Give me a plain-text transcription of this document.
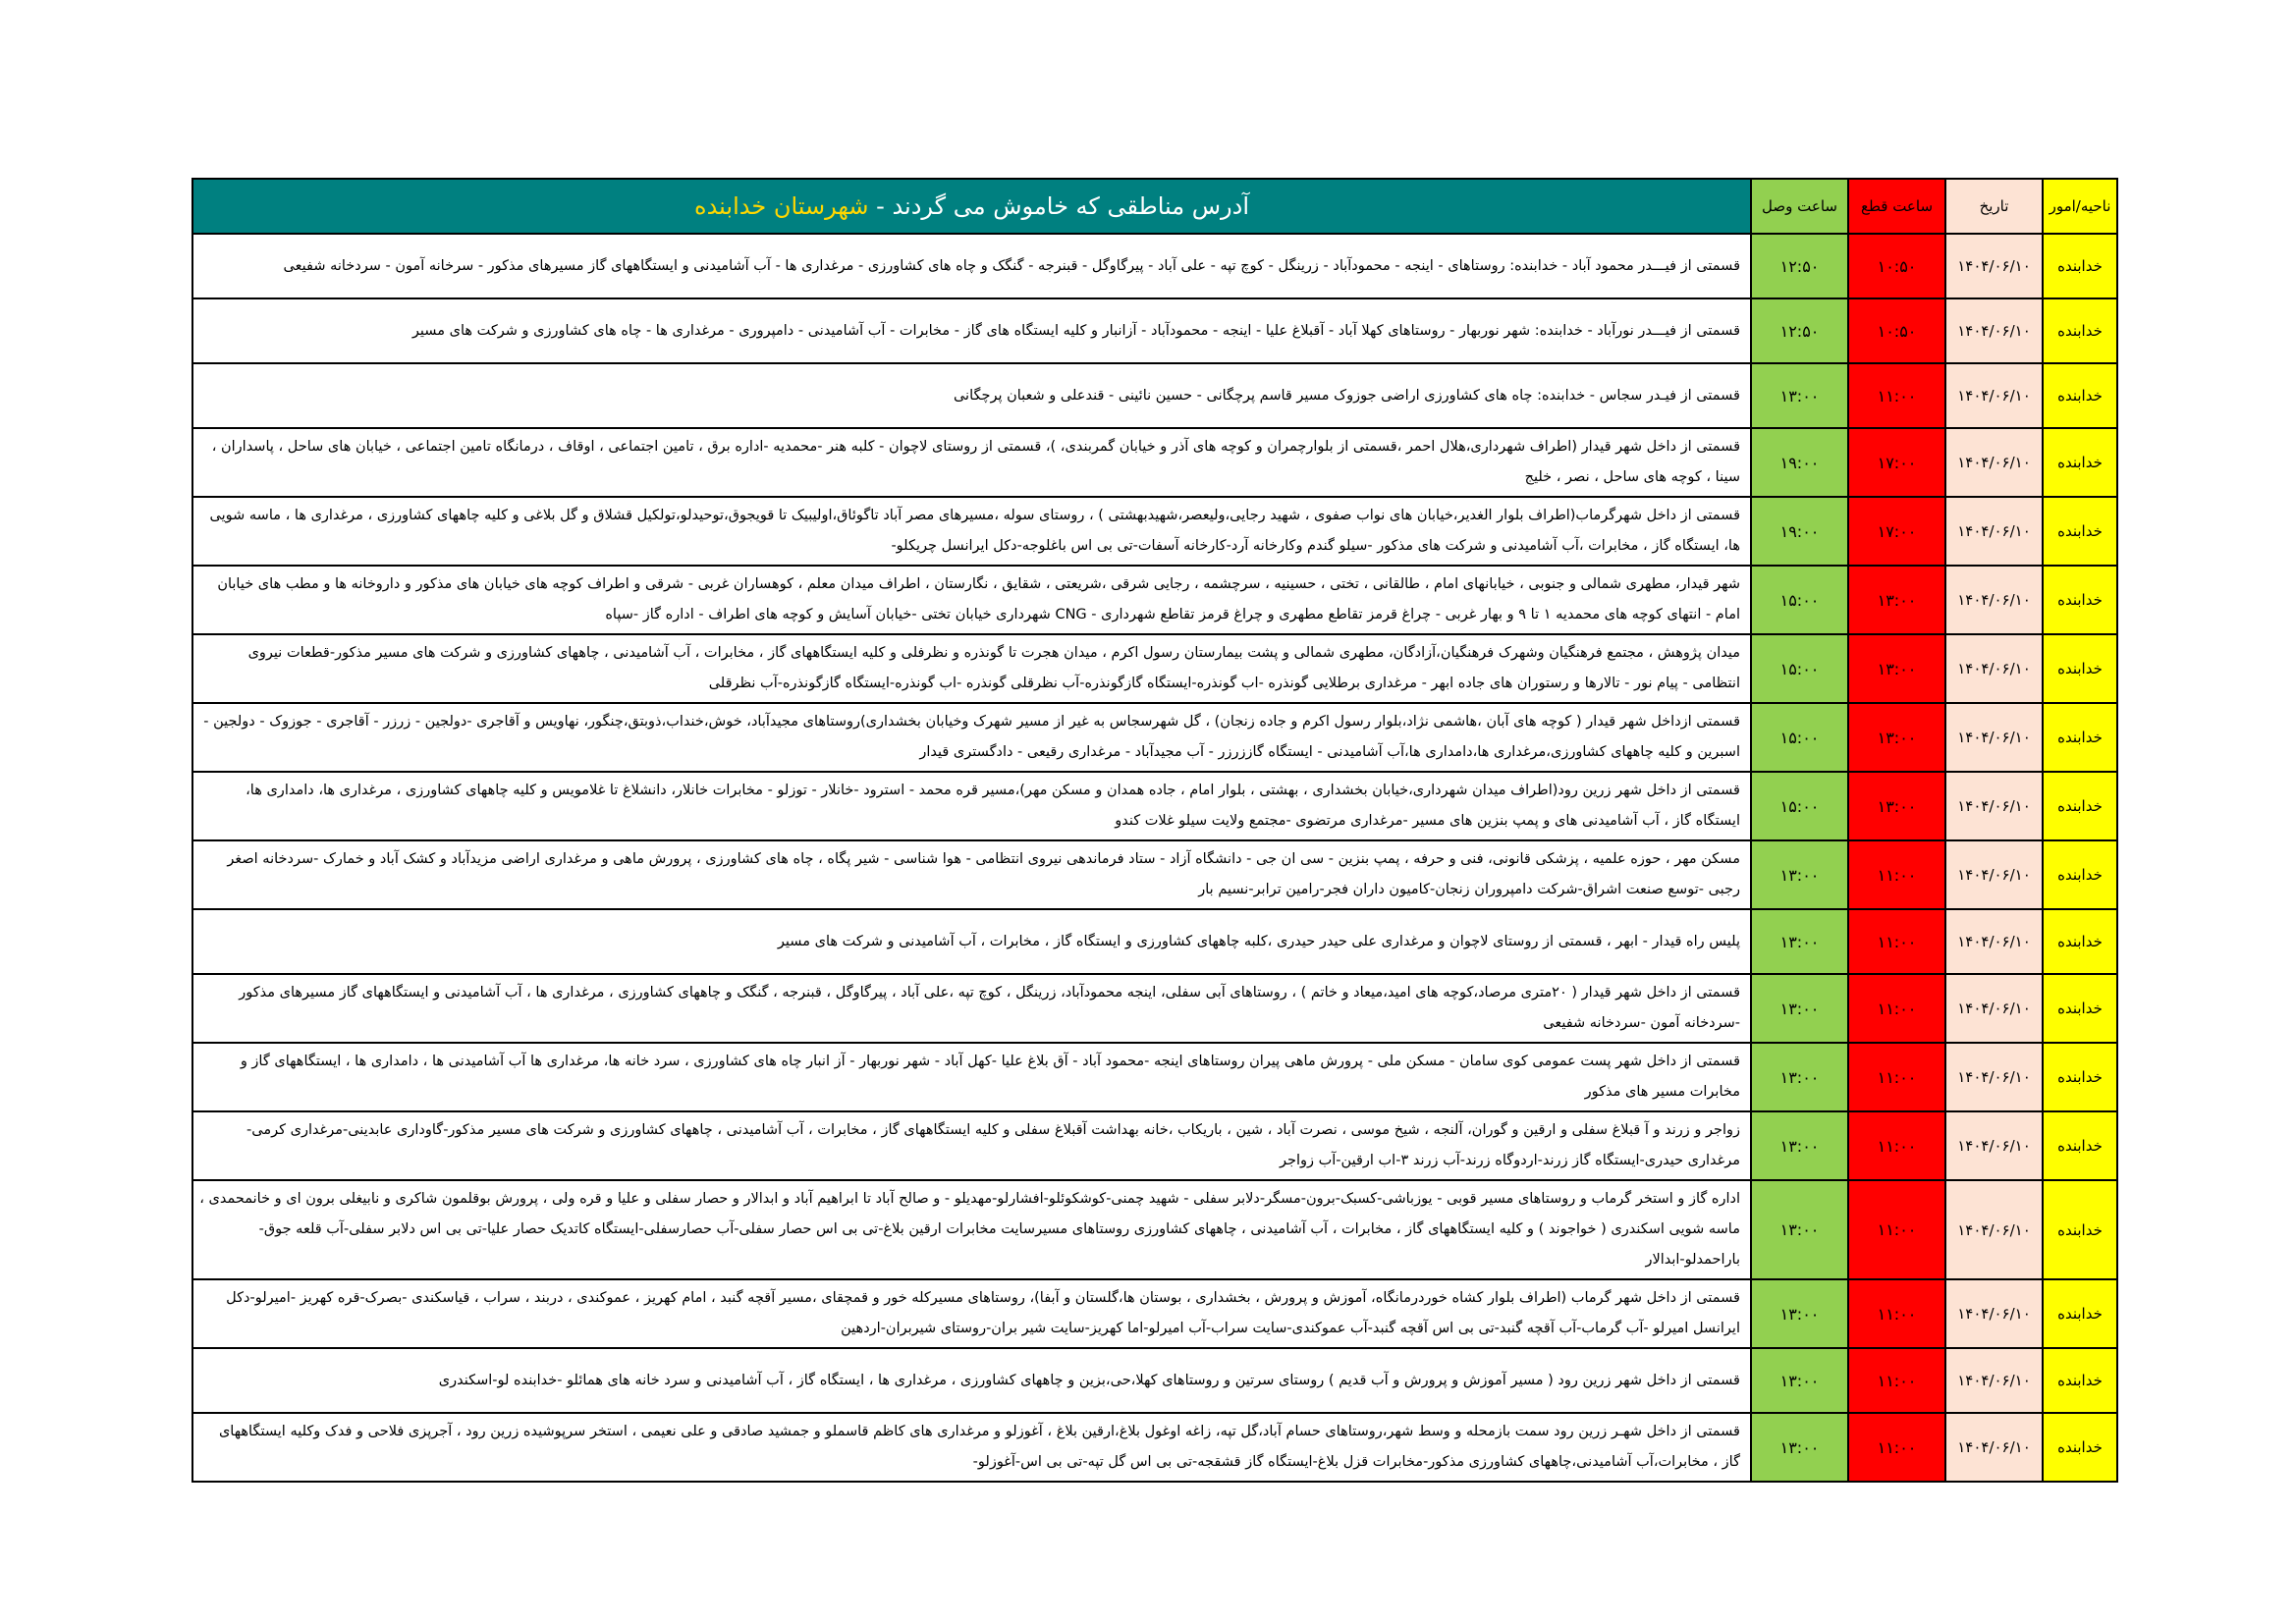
ناحیه/امور	تاریخ	ساعت قطع	ساعت وصل	آدرس مناطقی که خاموش می گردند - شهرستان خدابنده
خدابنده	۱۴۰۴/۰۶/۱۰	۱۰:۵۰	۱۲:۵۰	قسمتی از فیـــدر محمود آباد - خدابنده: روستاهای - اینجه - محمودآباد - زرینگل - کوچ تپه - علی آباد - پیرگاوگل - قبنرجه - گنگک و چاه های کشاورزی - مرغداری ها - آب آشامیدنی و ایستگاههای گاز مسیرهای مذکور - سرخانه آمون - سردخانه شفیعی
خدابنده	۱۴۰۴/۰۶/۱۰	۱۰:۵۰	۱۲:۵۰	قسمتی از فیـــدر نورآباد - خدابنده: شهر نوربهار - روستاهای کهلا آباد - آقبلاغ علیا - اینجه - محمودآباد - آزانبار و کلیه ایستگاه های گاز - مخابرات - آب آشامیدنی - دامپروری - مرغداری ها - چاه های کشاورزی و شرکت های مسیر
خدابنده	۱۴۰۴/۰۶/۱۰	۱۱:۰۰	۱۳:۰۰	قسمتی از فیـدر سجاس - خدابنده: چاه های کشاورزی اراضی جوزوک مسیر قاسم پرچگانی - حسین نائینی - قندعلی و شعبان پرچگانی
خدابنده	۱۴۰۴/۰۶/۱۰	۱۷:۰۰	۱۹:۰۰	قسمتی از داخل شهر قیدار (اطراف شهرداری،هلال احمر ،قسمتی از بلوارچمران و کوچه های آذر و خیابان گمربندی، )، قسمتی از روستای لاچوان - کلبه هنر -محمدیه -اداره برق ، تامین اجتماعی ، اوقاف ، درمانگاه تامین اجتماعی ، خیابان های ساحل ، پاسداران ، سینا ، کوچه های ساحل ، نصر ، خلیج
خدابنده	۱۴۰۴/۰۶/۱۰	۱۷:۰۰	۱۹:۰۰	قسمتی از داخل شهرگرماب(اطراف بلوار الغدیر،خیابان های نواب صفوی ، شهید رجایی،ولیعصر،شهیدبهشتی ) ، روستای سوله ،مسیرهای مصر آباد تاگوئاق،اولیبیک تا قویجوق،توحیدلو،تولکیل قشلاق و گل بلاغی و کلیه چاههای کشاورزی ، مرغداری ها ، ماسه شویی ها، ایستگاه گاز ، مخابرات ،آب آشامیدنی و شرکت های مذکور -سیلو گندم وکارخانه آرد-کارخانه آسفات-تی بی اس باغلوجه-دکل ایرانسل چریکلو-
خدابنده	۱۴۰۴/۰۶/۱۰	۱۳:۰۰	۱۵:۰۰	شهر قیدار، مطهری شمالی و جنوبی ، خیابانهای امام ، طالقانی ، تختی ، حسینیه ، سرچشمه ، رجایی شرقی ،شریعتی ، شقایق ، نگارستان ، اطراف میدان معلم ، کوهساران غربی - شرقی و اطراف کوچه های خیابان های مذکور و داروخانه ها و مطب های خیابان امام - انتهای کوچه های محمدیه ۱ تا ۹ و بهار غربی - چراغ قرمز تقاطع مطهری و چراغ قرمز تقاطع شهرداری - CNG شهرداری خیابان تختی -خیابان آسایش و کوچه های اطراف - اداره گاز -سپاه
خدابنده	۱۴۰۴/۰۶/۱۰	۱۳:۰۰	۱۵:۰۰	میدان پژوهش ، مجتمع فرهنگیان وشهرک فرهنگیان،آزادگان، مطهری شمالی و پشت بیمارستان رسول اکرم ، میدان هجرت تا گونذره و نظرفلی و کلیه ایستگاههای گاز ، مخابرات ، آب آشامیدنی ، چاههای کشاورزی و شرکت های مسیر مذکور-قطعات نیروی انتظامی - پیام نور - تالارها و رستوران های جاده ابهر - مرغداری برطلایی گونذره -اب گونذره-ایستگاه گازگونذره-آب نظرقلی گونذره -اب گونذره-ایستگاه گازگونذره-آب نظرقلی
خدابنده	۱۴۰۴/۰۶/۱۰	۱۳:۰۰	۱۵:۰۰	قسمتی ازداخل شهر قیدار ( کوچه های آبان ،هاشمی نژاد،بلوار رسول اکرم و جاده زنجان) ، گل شهرسجاس به غیر از مسیر شهرک وخیابان بخشداری)روستاهای مجیدآباد، خوش،خنداب،ذوبتق،چنگور، نهاویس و آقاجری -دولجین - زرزر - آقاجری - جوزوک - دولجین - اسبرین و کلیه چاههای کشاورزی،مرغداری ها،دامداری ها،آب آشامیدنی - ایستگاه گاززرزر - آب مجیدآباد - مرغداری رقیعی - دادگستری قیدار
خدابنده	۱۴۰۴/۰۶/۱۰	۱۳:۰۰	۱۵:۰۰	قسمتی از داخل شهر زرین رود(اطراف میدان شهرداری،خیابان بخشداری ، بهشتی ، بلوار امام ، جاده همدان و مسکن مهر)،مسیر قره محمد - استرود -خانلار - توزلو - مخابرات خانلار، دانشلاغ تا غلامویس و کلیه چاههای کشاورزی ، مرغداری ها، دامداری ها، ایستگاه گاز ، آب آشامیدنی های و پمپ بنزین های مسیر -مرغداری مرتضوی -مجتمع ولایت سیلو غلات کندو
خدابنده	۱۴۰۴/۰۶/۱۰	۱۱:۰۰	۱۳:۰۰	مسکن مهر ، حوزه علمیه ، پزشکی قانونی، فنی و حرفه ، پمپ بنزین - سی ان جی - دانشگاه آزاد - ستاد فرماندهی نیروی انتظامی - هوا شناسی - شیر پگاه ، چاه های کشاورزی ، پرورش ماهی و مرغداری اراضی مزیدآباد و کشک آباد و خمارک -سردخانه اصغر رجبی -توسع صنعت اشراق-شرکت دامپروران زنجان-کامیون داران فجر-رامین ترابر-نسیم بار
خدابنده	۱۴۰۴/۰۶/۱۰	۱۱:۰۰	۱۳:۰۰	پلیس راه قیدار - ابهر ، قسمتی از روستای لاچوان و مرغداری علی حیدر حیدری ،کلبه چاههای کشاورزی و ایستگاه گاز ، مخابرات ، آب آشامیدنی و شرکت های مسیر
خدابنده	۱۴۰۴/۰۶/۱۰	۱۱:۰۰	۱۳:۰۰	قسمتی از داخل شهر قیدار ( ۲۰متری مرصاد،کوچه های امید،میعاد و خاتم ) ، روستاهای آبی سفلی، اینجه محمودآباد، زرینگل ، کوچ تپه ،علی آباد ، پیرگاوگل ، قبنرجه ، گنگک و چاههای کشاورزی ، مرغداری ها ، آب آشامیدنی و ایستگاههای گاز مسیرهای مذکور -سردخانه آمون -سردخانه شفیعی
خدابنده	۱۴۰۴/۰۶/۱۰	۱۱:۰۰	۱۳:۰۰	قسمتی از داخل شهر پست عمومی کوی سامان - مسکن ملی - پرورش ماهی پیران روستاهای اینجه -محمود آباد - آق بلاغ علیا -کهل آباد - شهر نوربهار - آز انبار چاه های کشاورزی ، سرد خانه ها، مرغداری ها آب آشامیدنی ها ، دامداری ها ، ایستگاههای گاز و مخابرات مسیر های مذکور
خدابنده	۱۴۰۴/۰۶/۱۰	۱۱:۰۰	۱۳:۰۰	زواجر و زرند و آ قبلاغ سفلی و ارقین و گوران، آلنجه ، شیخ موسی ، نصرت آباد ، شین ، باریکاب ،خانه بهداشت آقبلاغ سفلی و کلیه ایستگاههای گاز ، مخابرات ، آب آشامیدنی ، چاههای کشاورزی و شرکت های مسیر مذکور-گاوداری عابدینی-مرغداری کرمی-مرغداری حیدری-ایستگاه گاز زرند-اردوگاه زرند-آب زرند ۳-اب ارقین-آب زواجر
خدابنده	۱۴۰۴/۰۶/۱۰	۱۱:۰۰	۱۳:۰۰	اداره گاز و استخر گرماب و روستاهای مسیر قوبی - یوزباشی-کسبک-برون-مسگر-دلابر سفلی - شهید چمنی-کوشکوئلو-افشارلو-مهدیلو - و صالح آباد تا ابراهیم آباد و ابدالار و حصار سفلی و علیا و قره ولی ، پرورش بوقلمون شاکری و نابیغلی برون ای و خانمحمدی ، ماسه شویی اسکندری ( خواجوند ) و کلیه ایستگاههای گاز ، مخابرات ، آب آشامیدنی ، چاههای کشاورزی روستاهای مسیرسایت مخابرات ارقین بلاغ-تی بی اس حصار سفلی-آب حصارسفلی-ایستگاه کاتدیک حصار علیا-تی بی اس دلابر سفلی-آب قلعه جوق-باراحمدلو-ابدالار
خدابنده	۱۴۰۴/۰۶/۱۰	۱۱:۰۰	۱۳:۰۰	قسمتی از داخل شهر گرماب (اطراف بلوار کشاه خوردرمانگاه، آموزش و پرورش ، بخشداری ، بوستان ها،گلستان و آبفا)، روستاهای مسیرکله خور و قمچقای ،مسیر آقچه گنبد ، امام کهریز ، عموکندی ، دربند ، سراب ، قیاسکندی -بصرک-قره کهریز -امیرلو-دکل ایرانسل امیرلو -آب گرماب-آب آقچه گنبد-تی بی اس آقچه گنبد-آب عموکندی-سایت سراب-آب امیرلو-اما کهریز-سایت شیر بران-روستای شیربران-اردهین
خدابنده	۱۴۰۴/۰۶/۱۰	۱۱:۰۰	۱۳:۰۰	قسمتی از داخل شهر زرین رود ( مسیر آموزش و پرورش و آب قدیم ) روستای سرتین و روستاهای کهلا،حی،بزین و چاههای کشاورزی ، مرغداری ها ، ایستگاه گاز ، آب آشامیدنی و سرد خانه های همائلو -خدابنده لو-اسکندری
خدابنده	۱۴۰۴/۰۶/۱۰	۱۱:۰۰	۱۳:۰۰	قسمتی از داخل شهـر زرین رود سمت بازمحله و وسط شهر،روستاهای حسام آباد،گل تپه، زاغه اوغول بلاغ،ارقین بلاغ ، آغوزلو و مرغداری های کاظم قاسملو و جمشید صادقی و علی نعیمی ، استخر سرپوشیده زرین رود ، آجرپزی فلاحی و فدک وکلیه ایستگاههای گاز ، مخابرات،آب آشامیدنی،چاههای کشاورزی مذکور-مخابرات قزل بلاغ-ایستگاه گاز قشقجه-تی بی اس گل تپه-تی بی اس-آغوزلو-
